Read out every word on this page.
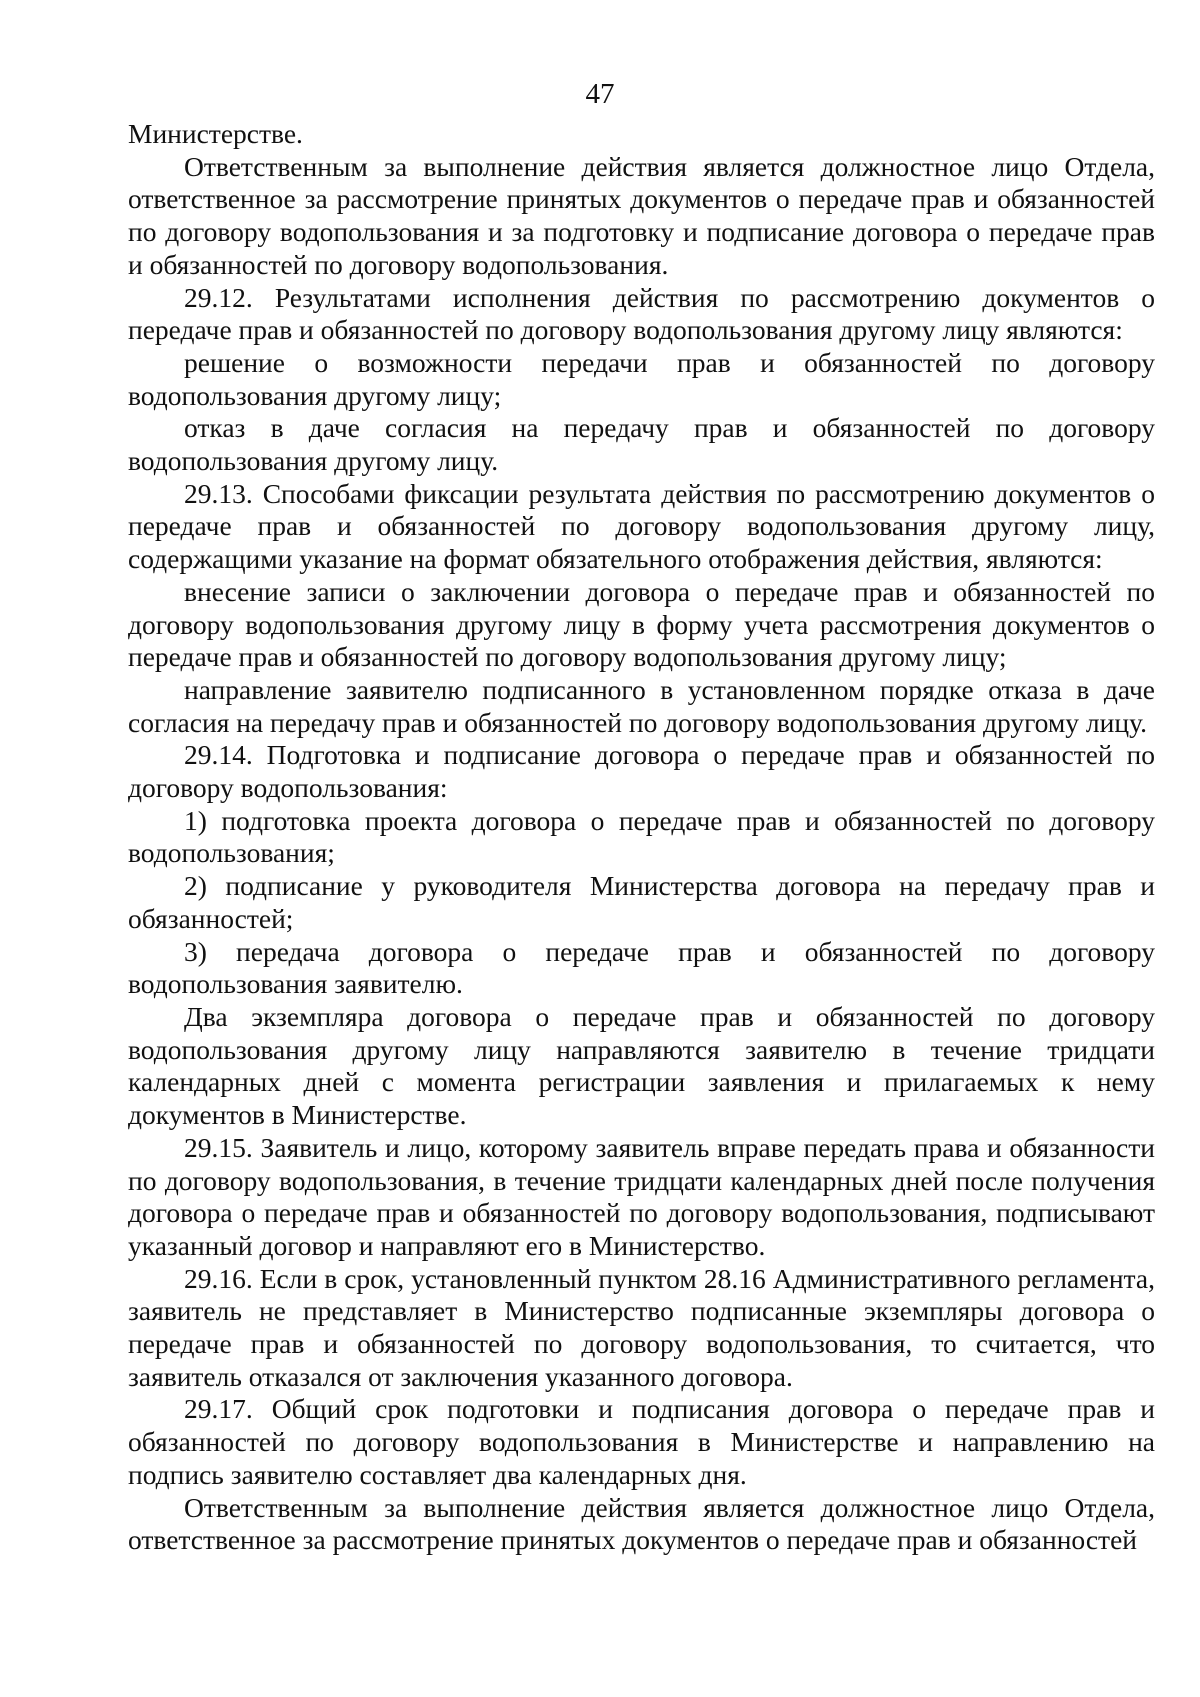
47

Министерстве.

Ответственным за выполнение действия является должностное лицо Отдела, ответственное за рассмотрение принятых документов о передаче прав и обязанностей по договору водопользования и за подготовку и подписание договора о передаче прав и обязанностей по договору водопользования.

29.12. Результатами исполнения действия по рассмотрению документов о передаче прав и обязанностей по договору водопользования другому лицу являются:

решение о возможности передачи прав и обязанностей по договору водопользования другому лицу;

отказ в даче согласия на передачу прав и обязанностей по договору водопользования другому лицу.

29.13. Способами фиксации результата действия по рассмотрению документов о передаче прав и обязанностей по договору водопользования другому лицу, содержащими указание на формат обязательного отображения действия, являются:

внесение записи о заключении договора о передаче прав и обязанностей по договору водопользования другому лицу в форму учета рассмотрения документов о передаче прав и обязанностей по договору водопользования другому лицу;

направление заявителю подписанного в установленном порядке отказа в даче согласия на передачу прав и обязанностей по договору водопользования другому лицу.

29.14. Подготовка и подписание договора о передаче прав и обязанностей по договору водопользования:

1) подготовка проекта договора о передаче прав и обязанностей по договору водопользования;

2) подписание у руководителя Министерства договора на передачу прав и обязанностей;

3) передача договора о передаче прав и обязанностей по договору водопользования заявителю.

Два экземпляра договора о передаче прав и обязанностей по договору водопользования другому лицу направляются заявителю в течение тридцати календарных дней с момента регистрации заявления и прилагаемых к нему документов в Министерстве.

29.15. Заявитель и лицо, которому заявитель вправе передать права и обязанности по договору водопользования, в течение тридцати календарных дней после получения договора о передаче прав и обязанностей по договору водопользования, подписывают указанный договор и направляют его в Министерство.

29.16. Если в срок, установленный пунктом 28.16 Административного регламента, заявитель не представляет в Министерство подписанные экземпляры договора о передаче прав и обязанностей по договору водопользования, то считается, что заявитель отказался от заключения указанного договора.

29.17. Общий срок подготовки и подписания договора о передаче прав и обязанностей по договору водопользования в Министерстве и направлению на подпись заявителю составляет два календарных дня.

Ответственным за выполнение действия является должностное лицо Отдела, ответственное за рассмотрение принятых документов о передаче прав и обязанностей
